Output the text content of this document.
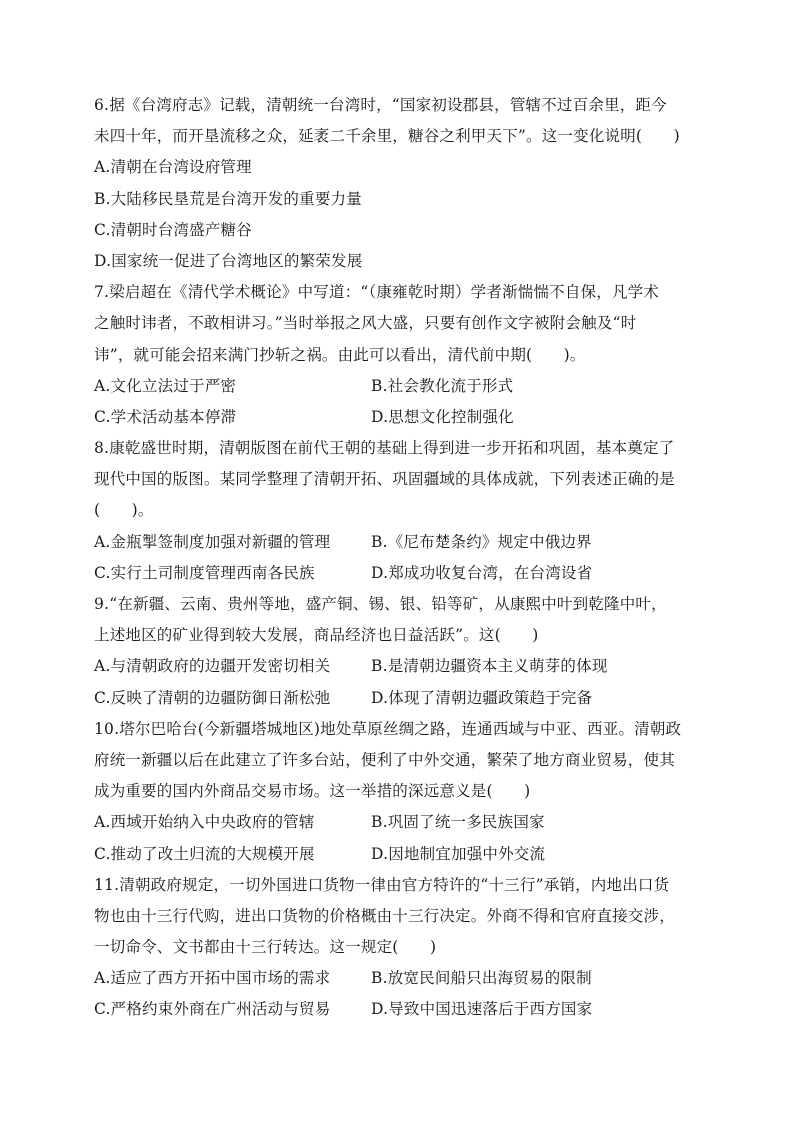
6.据《台湾府志》记载，清朝统一台湾时，“国家初设郡县，管辖不过百余里，距今
未四十年，而开垦流移之众，延袤二千余里，糖谷之利甲天下”。这一变化说明(　　)
A.清朝在台湾设府管理
B.大陆移民垦荒是台湾开发的重要力量
C.清朝时台湾盛产糖谷
D.国家统一促进了台湾地区的繁荣发展
7.梁启超在《清代学术概论》中写道：“（康雍乾时期）学者渐惴惴不自保，凡学术
之触时讳者，不敢相讲习。”当时举报之风大盛，只要有创作文字被附会触及“时
讳”，就可能会招来满门抄斩之祸。由此可以看出，清代前中期(　　)。
A.文化立法过于严密	B.社会教化流于形式
C.学术活动基本停滞	D.思想文化控制强化
8.康乾盛世时期，清朝版图在前代王朝的基础上得到进一步开拓和巩固，基本奠定了
现代中国的版图。某同学整理了清朝开拓、巩固疆域的具体成就，下列表述正确的是
(　　)。
A.金瓶掣签制度加强对新疆的管理	B.《尼布楚条约》规定中俄边界
C.实行土司制度管理西南各民族	D.郑成功收复台湾，在台湾设省
9.“在新疆、云南、贵州等地，盛产铜、锡、银、铅等矿，从康熙中叶到乾隆中叶，
上述地区的矿业得到较大发展，商品经济也日益活跃”。这(　　)
A.与清朝政府的边疆开发密切相关	B.是清朝边疆资本主义萌芽的体现
C.反映了清朝的边疆防御日渐松弛	D.体现了清朝边疆政策趋于完备
10.塔尔巴哈台(今新疆塔城地区)地处草原丝绸之路，连通西域与中亚、西亚。清朝政
府统一新疆以后在此建立了许多台站，便利了中外交通，繁荣了地方商业贸易，使其
成为重要的国内外商品交易市场。这一举措的深远意义是(　　)
A.西域开始纳入中央政府的管辖	B.巩固了统一多民族国家
C.推动了改土归流的大规模开展	D.因地制宜加强中外交流
11.清朝政府规定，一切外国进口货物一律由官方特许的“十三行”承销，内地出口货
物也由十三行代购，进出口货物的价格概由十三行决定。外商不得和官府直接交涉，
一切命令、文书都由十三行转达。这一规定(　　)
A.适应了西方开拓中国市场的需求	B.放宽民间船只出海贸易的限制
C.严格约束外商在广州活动与贸易	D.导致中国迅速落后于西方国家
